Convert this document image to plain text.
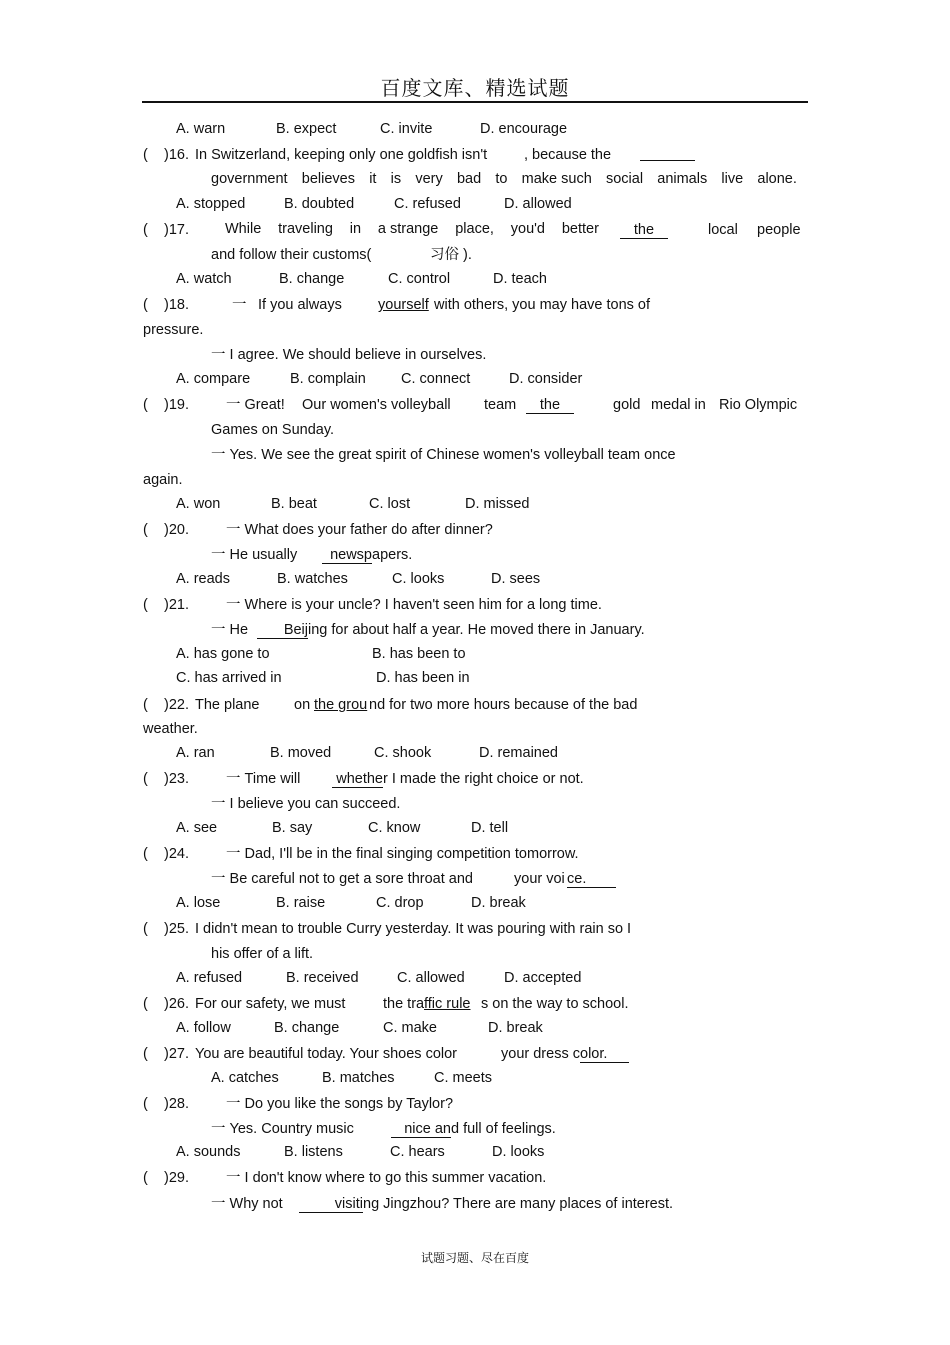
百度文库、精选试题
A. warn	B. expect	C. invite	D. encourage
( )16. In Switzerland, keeping only one goldfish isn't	, because the
government believes it is very bad to make such social animals live alone.
A. stopped	B. doubted	C. refused	D. allowed
( )17. While traveling in a strange place, you'd better	the	local people
and follow their customs(	习俗 ).
A. watch	B. change	C. control	D. teach
( )18.	一 If you always yourself with others, you may have tons of
pressure.
一 I agree. We should believe in ourselves.
A. compare	B. complain C. connect	D. consider
( )19.	一 Great! Our women's volleyball team	the	gold medal in Rio Olympic
Games on Sunday.
一 Yes. We see the great spirit of Chinese women's volleyball team once
again.
A. won	B. beat	C. lost	D. missed
( )20.	一 What does your father do after dinner?
一 He usually	newsp apers.
A. reads	B. watches	C. looks	D. sees
( )21.	一 Where is your uncle? I haven't seen him for a long time.
一 He	Beij ing for about half a year. He moved there in January.
A. has gone to	B. has been to
C. has arrived in	D. has been in
( )22. The plane on the grou nd for two more hours because of the bad
weather.
A. ran	B. moved	C. shook	D. remained
( )23.	一 Time will whethe r I made the right choice or not.
一 I believe you can succeed.
A. see	B. say	C. know	D. tell
( )24.	一 Dad, I'll be in the final singing competition tomorrow.
一 Be careful not to get a sore throat and	your voi ce.
A. lose	B. raise	C. drop	D. break
( )25. I didn't mean to trouble Curry yesterday. It was pouring with rain so I
his offer of a lift.
A. refused	B. received	C. allowed	D. accepted
( )26. For our safety, we must	the tra ffic rule s on the way to school.
A. follow	B. change	C. make	D. break
( )27. You are beautiful today. Your shoes color	your dress c olor.
A. catches	B. matches	C. meets
( )28.	一 Do you like the songs by Taylor?
一 Yes. Country music	nice an d full of feelings.
A. sounds	B. listens	C. hears	D. looks
( )29.	一 I don't know where to go this summer vacation.
一 Why not	visiti ng Jingzhou? There are many places of interest.
试题习题、尽在百度
